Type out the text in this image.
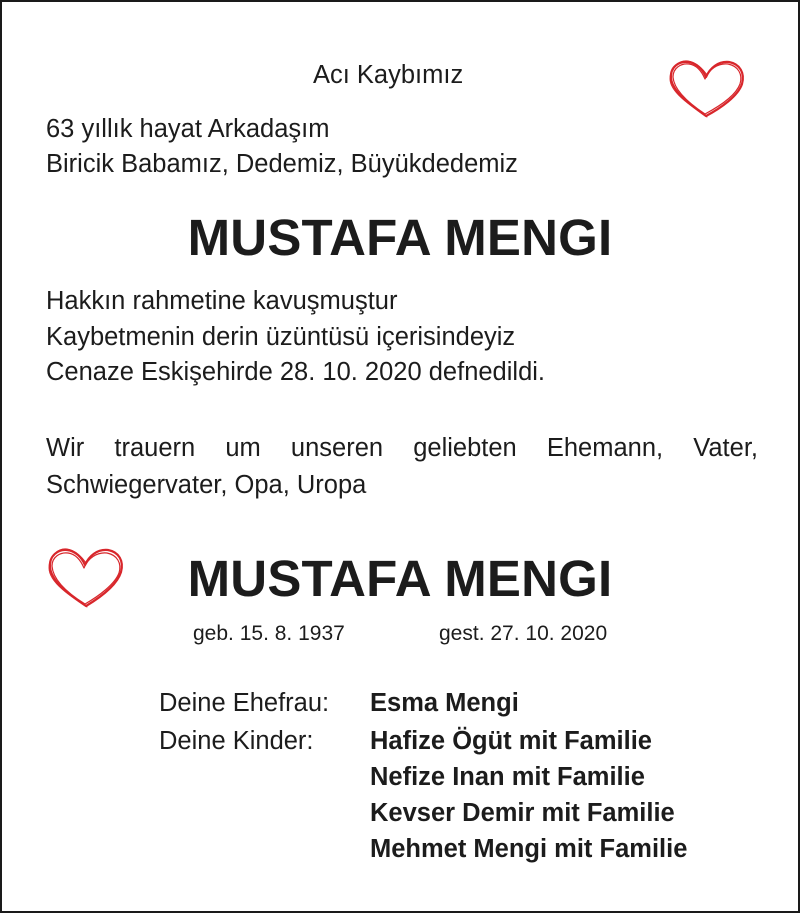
Acı Kaybımız
63 yıllık hayat Arkadaşım
Biricik Babamız, Dedemiz, Büyükdedemiz
MUSTAFA MENGI
Hakkın rahmetine kavuşmuştur
Kaybetmenin derin üzüntüsü içerisindeyiz
Cenaze Eskişehirde 28. 10. 2020 defnedildi.
Wir trauern um unseren geliebten Ehemann, Vater, Schwiegervater, Opa, Uropa
MUSTAFA MENGI
geb. 15. 8. 1937	gest. 27. 10. 2020
Deine Ehefrau: Esma Mengi
Deine Kinder: Hafize Ögüt mit Familie
Nefize Inan mit Familie
Kevser Demir mit Familie
Mehmet Mengi mit Familie
